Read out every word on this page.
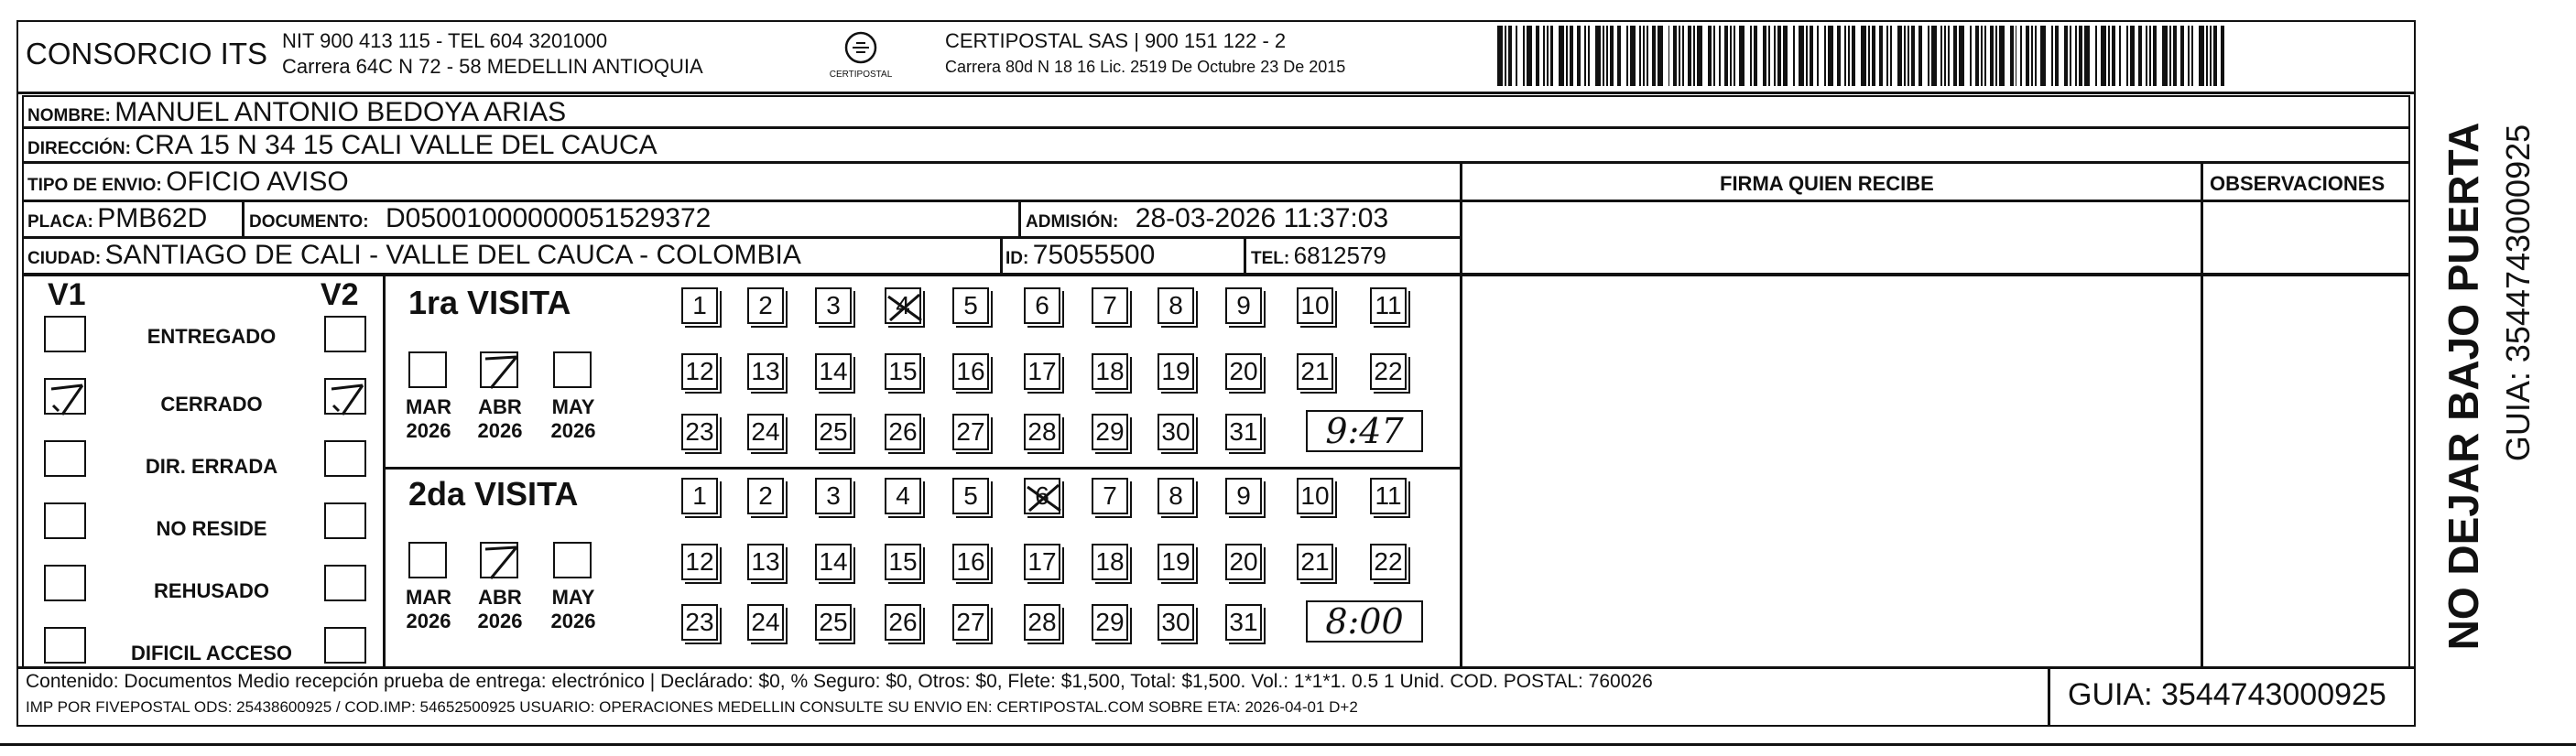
CONSORCIO ITS NIT 900 413 115 - TEL 604 3201000
Carrera 64C N 72 - 58 MEDELLIN ANTIOQUIA	CERTIPOSTAL
CERTIPOSTAL SAS | 900 151 122 - 2
Carrera 80d N 18 16 Lic. 2519 De Octubre 23 De 2015
NOMBRE: MANUEL ANTONIO BEDOYA ARIAS
DIRECCIÓN: CRA 15 N 34 15 CALI VALLE DEL CAUCA
TIPO DE ENVIO: OFICIO AVISO	FIRMA QUIEN RECIBE	OBSERVACIONES
PLACA: PMB62D DOCUMENTO: D05001000000051529372	ADMISIÓN: 28-03-2026 11:37:03
CIUDAD: SANTIAGO DE CALI - VALLE DEL CAUCA - COLOMBIA	ID: 75055500	TEL: 6812579
V1	V2
ENTREGADO
CERRADO
DIR. ERRADA
NO RESIDE
REHUSADO
DIFICIL ACCESO
1ra VISITA
MAR
2026
ABR
2026
MAY
2026
1	2	3	4	5	6	7	8	9	10 11
12 13 14 15 16 17 18 19 20 21 22
23 24 25 26 27 28 29 30 31	9:47
2da VISITA
MAR
2026
ABR
2026
MAY
2026
1	2	3	4	5	6	7	8	9	10 11
12 13 14 15 16 17 18 19 20 21 22
23 24 25 26 27 28 29 30 31	8:00	NO DEJAR BAJO PUERTA GUIA: 3544743000925
Contenido: Documentos Medio recepción prueba de entrega: electrónico | Declárado: $0, % Seguro: $0, Otros: $0, Flete: $1,500, Total: $1,500. Vol.: 1*1*1. 0.5 1 Unid. COD. POSTAL: 760026
IMP POR FIVEPOSTAL ODS: 25438600925 / COD.IMP: 54652500925 USUARIO: OPERACIONES MEDELLIN CONSULTE SU ENVIO EN: CERTIPOSTAL.COM SOBRE ETA: 2026-04-01 D+2	GUIA: 3544743000925
